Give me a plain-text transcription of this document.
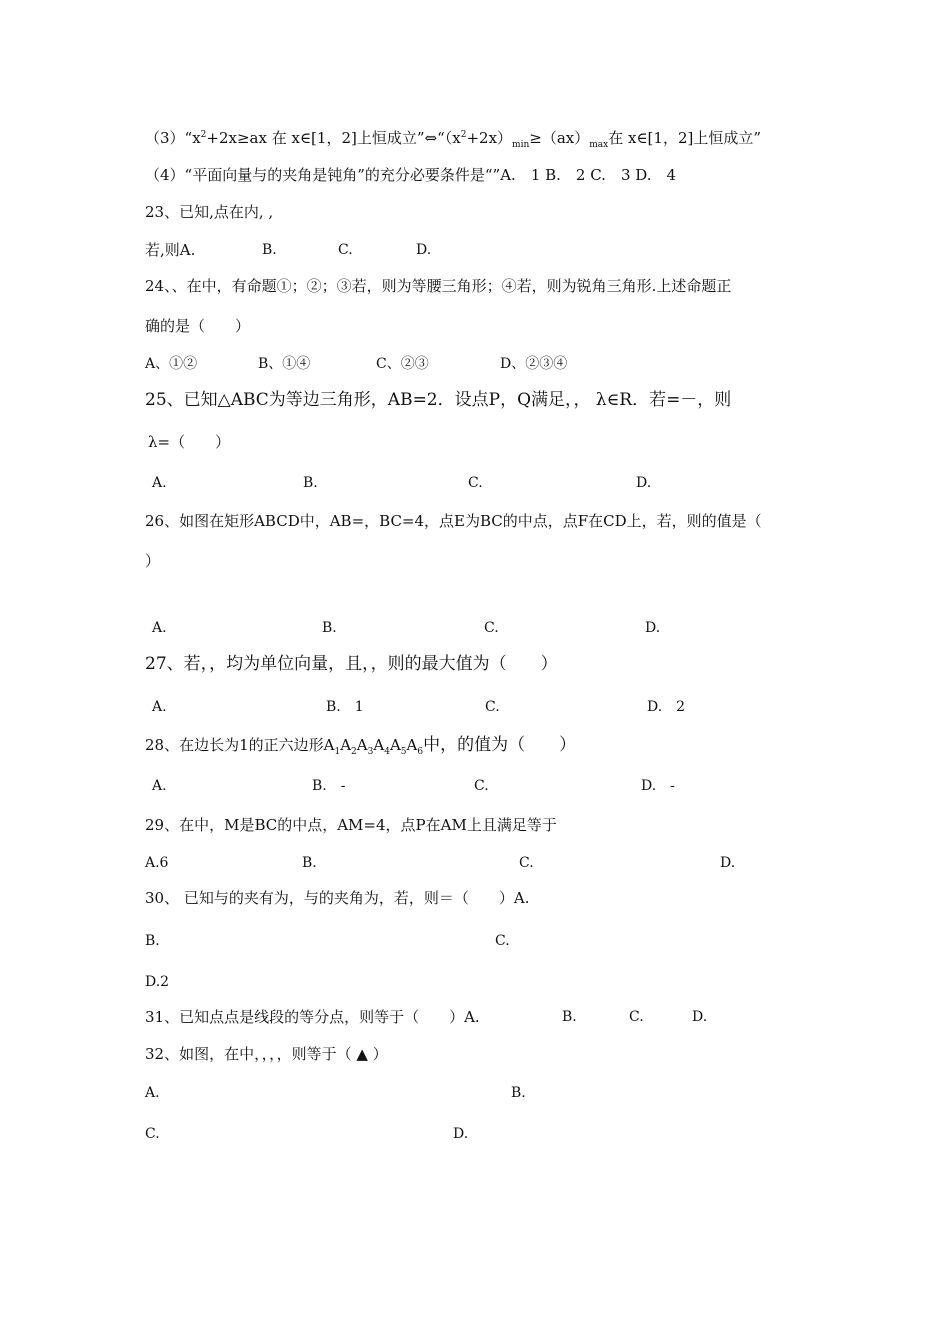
$(3)“x^2+2x\ge ax$ 在 x∈[1，2]上恒成立$”\Leftrightarrow“(x^2+2x)_{min}\ge(ax)_{max}$在 x∈[1，2]上恒成立”
（4）“平面向量与的夹角是钝角”的充分必要条件是“”A.　1 B.　2 C.　3 D.　4
23、已知,点在内, ,
若,则A.	B.	C.	D.
24、、在中，有命题①；②；③若，则为等腰三角形；④若，则为锐角三角形.上述命题正
确的是（　　）
A、①②	B、①④	C、②③	D、②③④
25、已知△ABC为等边三角形，AB=2．设点P，Q满足，， λ∈R．若=－，则
λ=（　　）
A.	B.	C.	D.
26、如图在矩形ABCD中，AB=，BC=4，点E为BC的中点，点F在CD上，若，则的值是（
）
A.	B.	C.	D.
27、若，，均为单位向量，且，，则的最大值为（　　）
A.	B.　1	C.	D.　2
28、在边长为1的正六边形$A_1A_2A_3A_4A_5A_6$中，的值为（　　）
A.	B.　-	C.	D.　-
29、在中，M是BC的中点，AM=4，点P在AM上且满足等于
A.6	B.	C.	D.
30、 已知与的夹有为，与的夹角为，若，则＝（　　）A.
B.	C.
D.2
31、已知点点是线段的等分点，则等于（　　）A.	B.	C.	D.
32、如图，在中，，，，则等于（ ▲ ）
A.	B.
C.	D.
